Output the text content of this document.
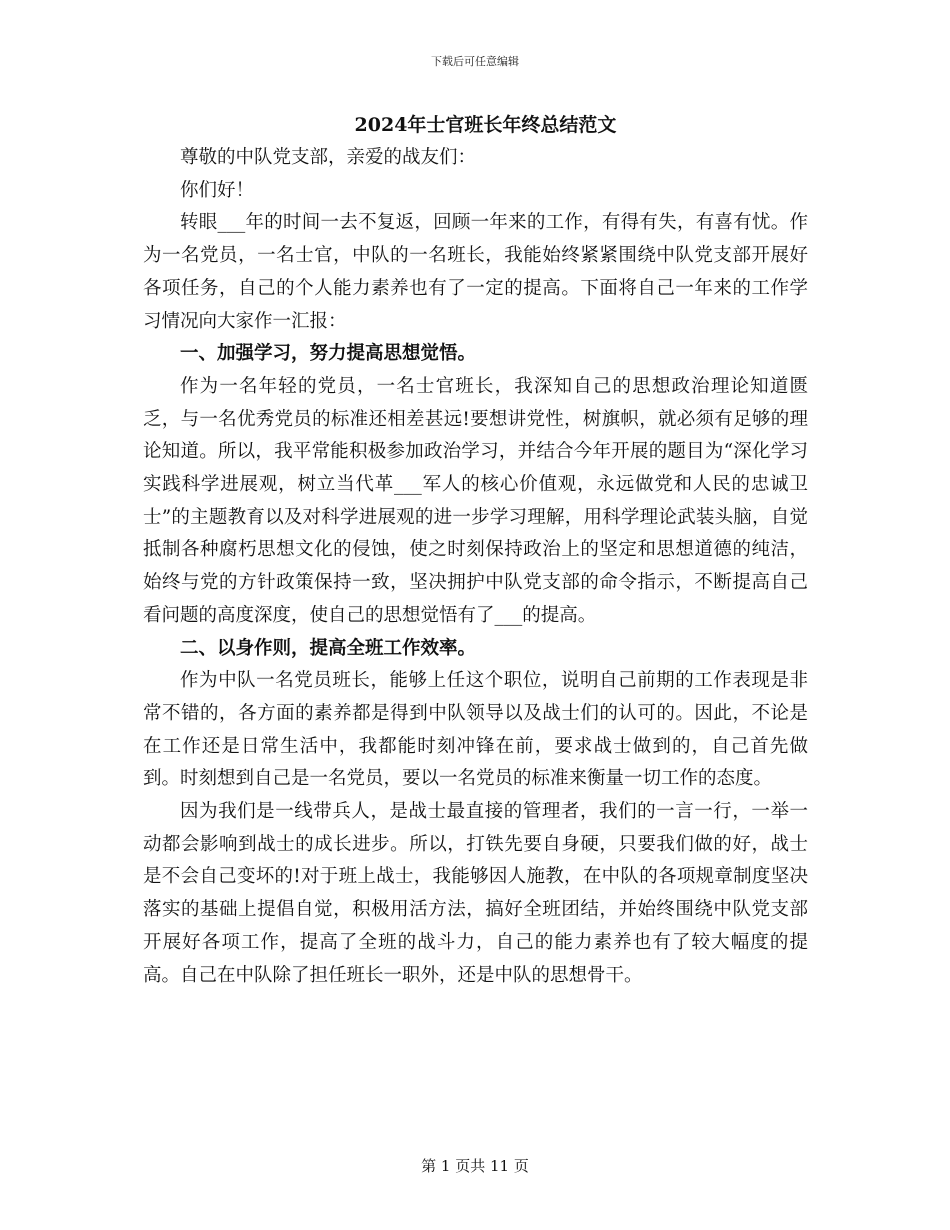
下载后可任意编辑
2024年士官班长年终总结范文

尊敬的中队党支部，亲爱的战友们：

你们好！

转眼___年的时间一去不复返，回顾一年来的工作，有得有失，有喜有忧。作为一名党员，一名士官，中队的一名班长，我能始终紧紧围绕中队党支部开展好各项任务，自己的个人能力素养也有了一定的提高。下面将自己一年来的工作学习情况向大家作一汇报：

一、加强学习，努力提高思想觉悟。

作为一名年轻的党员，一名士官班长，我深知自己的思想政治理论知道匮乏，与一名优秀党员的标准还相差甚远!要想讲党性，树旗帜，就必须有足够的理论知道。所以，我平常能积极参加政治学习，并结合今年开展的题目为“深化学习实践科学进展观，树立当代革___军人的核心价值观，永远做党和人民的忠诚卫士”的主题教育以及对科学进展观的进一步学习理解，用科学理论武装头脑，自觉抵制各种腐朽思想文化的侵蚀，使之时刻保持政治上的坚定和思想道德的纯洁，始终与党的方针政策保持一致，坚决拥护中队党支部的命令指示，不断提高自己看问题的高度深度，使自己的思想觉悟有了___的提高。

二、以身作则，提高全班工作效率。

作为中队一名党员班长，能够上任这个职位，说明自己前期的工作表现是非常不错的，各方面的素养都是得到中队领导以及战士们的认可的。因此，不论是在工作还是日常生活中，我都能时刻冲锋在前，要求战士做到的，自己首先做到。时刻想到自己是一名党员，要以一名党员的标准来衡量一切工作的态度。

因为我们是一线带兵人，是战士最直接的管理者，我们的一言一行，一举一动都会影响到战士的成长进步。所以，打铁先要自身硬，只要我们做的好，战士是不会自己变坏的!对于班上战士，我能够因人施教，在中队的各项规章制度坚决落实的基础上提倡自觉，积极用活方法，搞好全班团结，并始终围绕中队党支部开展好各项工作，提高了全班的战斗力，自己的能力素养也有了较大幅度的提高。自己在中队除了担任班长一职外，还是中队的思想骨干。

第 1 页共 11 页
